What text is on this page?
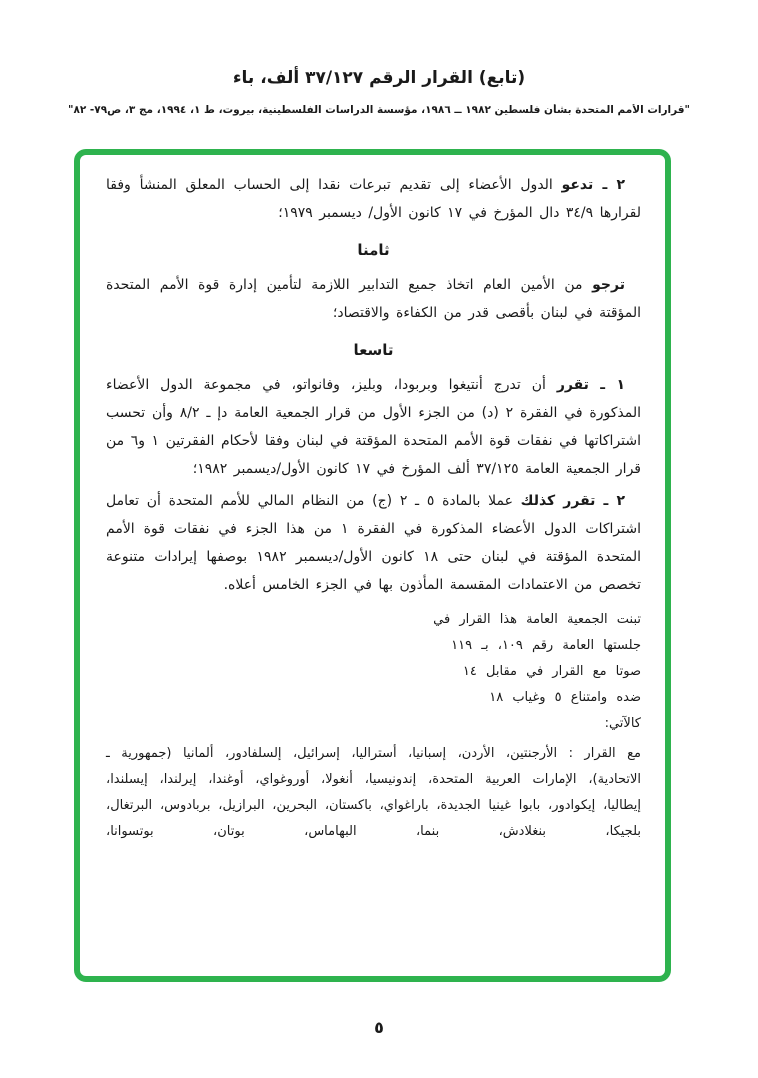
(تابع) القرار الرقم ٣٧/١٢٧ ألف، باء
"قرارات الأمم المتحدة بشأن فلسطين ١٩٨٢ ــ ١٩٨٦، مؤسسة الدراسات الفلسطينية، بيروت، ط ١، ١٩٩٤، مج ٣، ص٧٩- ٨٢"

٢ ـ تدعو الدول الأعضاء إلى تقديم تبرعات نقدا إلى الحساب المعلق المنشأ وفقا لقرارها ٣٤/٩ دال المؤرخ في ١٧ كانون الأول/ ديسمبر ١٩٧٩؛

ثامنا

ترجو من الأمين العام اتخاذ جميع التدابير اللازمة لتأمين إدارة قوة الأمم المتحدة المؤقتة في لبنان بأقصى قدر من الكفاءة والاقتصاد؛

تاسعا

١ ـ تقرر أن تدرج أنتيغوا وبربودا، وبليز، وفانواتو، في مجموعة الدول الأعضاء المذكورة في الفقرة ٢ (د) من الجزء الأول من قرار الجمعية العامة دإ ـ ٨/٢ وأن تحسب اشتراكاتها في نفقات قوة الأمم المتحدة المؤقتة في لبنان وفقا لأحكام الفقرتين ١ و٦ من قرار الجمعية العامة ٣٧/١٢٥ ألف المؤرخ في ١٧ كانون الأول/ديسمبر ١٩٨٢؛

٢ ـ تقرر كذلك عملا بالمادة ٥ ـ ٢ (ج) من النظام المالي للأمم المتحدة أن تعامل اشتراكات الدول الأعضاء المذكورة في الفقرة ١ من هذا الجزء في نفقات قوة الأمم المتحدة المؤقتة في لبنان حتى ١٨ كانون الأول/ديسمبر ١٩٨٢ بوصفها إيرادات متنوعة تخصص من الاعتمادات المقسمة المأذون بها في الجزء الخامس أعلاه.

تبنت الجمعية العامة هذا القرار في
جلستها العامة رقم ١٠٩، بـ ١١٩
صوتا مع القرار في مقابل ١٤
ضده وامتناع ٥ وغياب ١٨
كالآتي:

مع القرار : الأرجنتين، الأردن، إسبانيا، أستراليا، إسرائيل، إلسلفادور، ألمانيا (جمهورية ـ الاتحادية)، الإمارات العربية المتحدة، إندونيسيا، أنغولا، أوروغواي، أوغندا، إيرلندا، إيسلندا، إيطاليا، إيكوادور، بابوا غينيا الجديدة، باراغواي، باكستان، البحرين، البرازيل، بربادوس، البرتغال، بلجيكا، بنغلادش، بنما، البهاماس، بوتان، بوتسوانا،

٥
